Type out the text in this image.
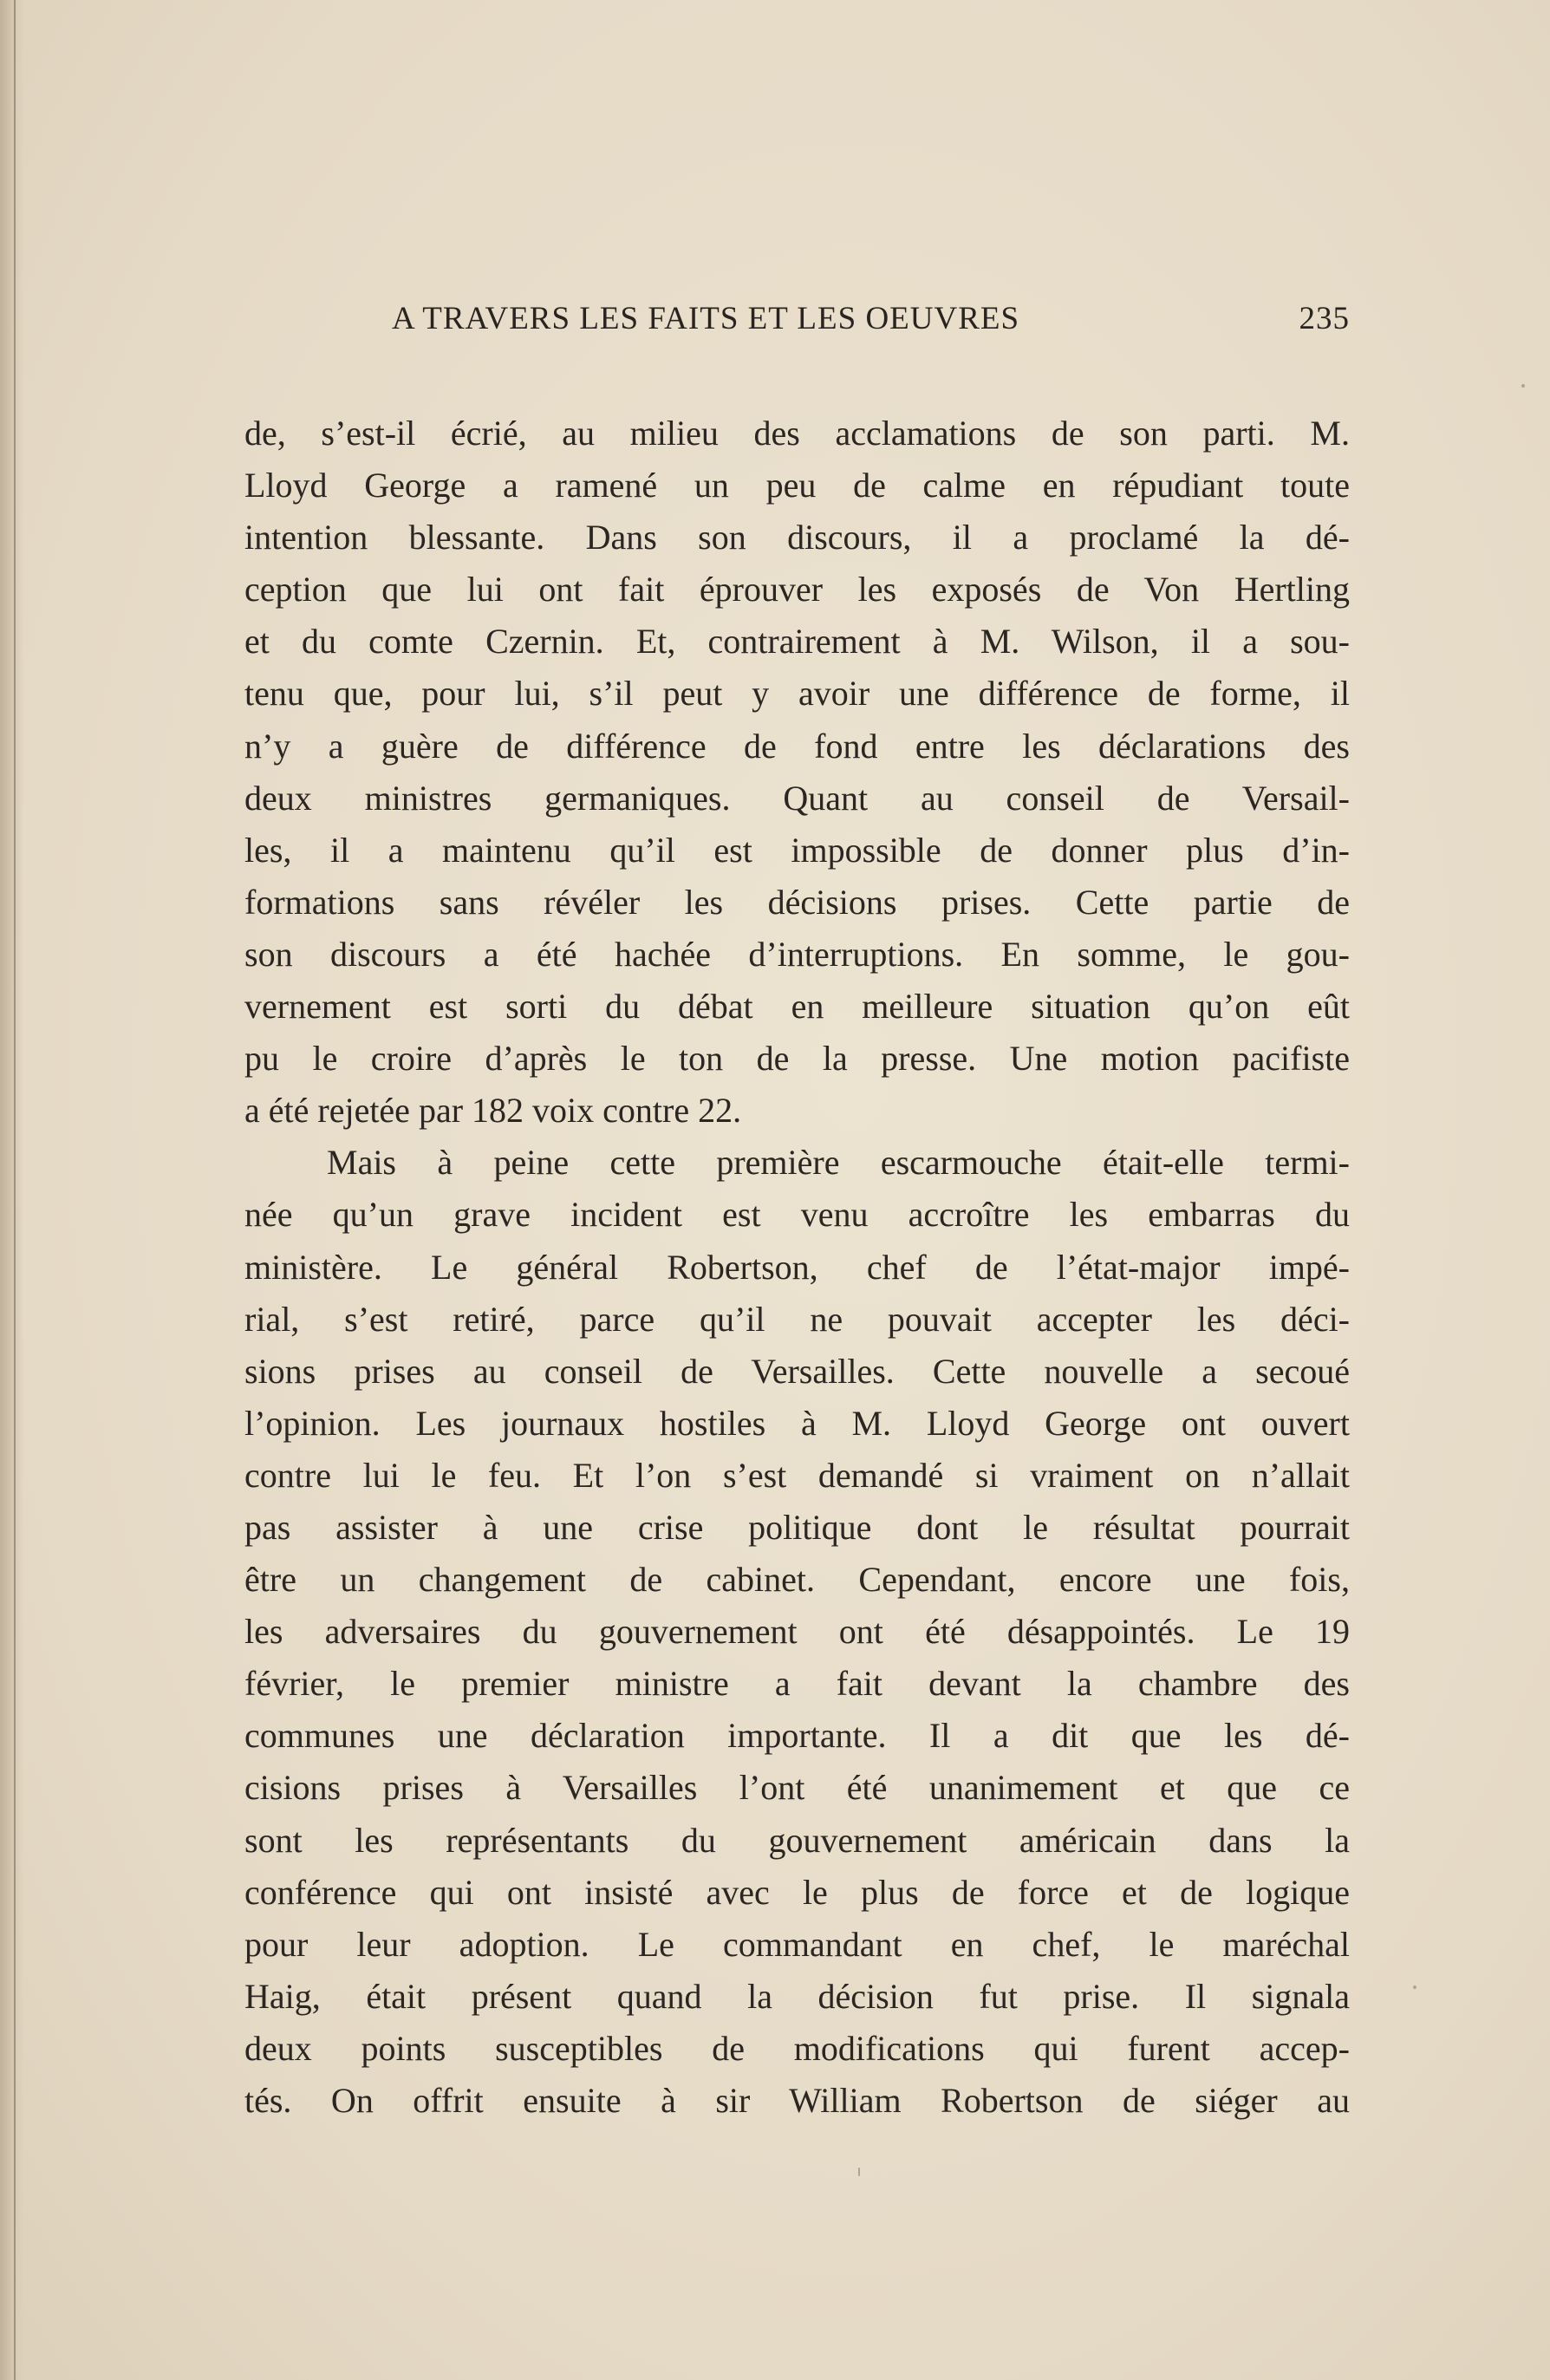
A TRAVERS LES FAITS ET LES OEUVRES	235
de, s’est-il écrié, au milieu des acclamations de son parti. M.
Lloyd George a ramené un peu de calme en répudiant toute
intention blessante. Dans son discours, il a proclamé la dé-
ception que lui ont fait éprouver les exposés de Von Hertling
et du comte Czernin. Et, contrairement à M. Wilson, il a sou-
tenu que, pour lui, s’il peut y avoir une différence de forme, il
n’y a guère de différence de fond entre les déclarations des
deux ministres germaniques. Quant au conseil de Versail-
les, il a maintenu qu’il est impossible de donner plus d’in-
formations sans révéler les décisions prises. Cette partie de
son discours a été hachée d’interruptions. En somme, le gou-
vernement est sorti du débat en meilleure situation qu’on eût
pu le croire d’après le ton de la presse. Une motion pacifiste
a été rejetée par 182 voix contre 22.
Mais à peine cette première escarmouche était-elle termi-
née qu’un grave incident est venu accroître les embarras du
ministère. Le général Robertson, chef de l’état-major impé-
rial, s’est retiré, parce qu’il ne pouvait accepter les déci-
sions prises au conseil de Versailles. Cette nouvelle a secoué
l’opinion. Les journaux hostiles à M. Lloyd George ont ouvert
contre lui le feu. Et l’on s’est demandé si vraiment on n’allait
pas assister à une crise politique dont le résultat pourrait
être un changement de cabinet. Cependant, encore une fois,
les adversaires du gouvernement ont été désappointés. Le 19
février, le premier ministre a fait devant la chambre des
communes une déclaration importante. Il a dit que les dé-
cisions prises à Versailles l’ont été unanimement et que ce
sont les représentants du gouvernement américain dans la
conférence qui ont insisté avec le plus de force et de logique
pour leur adoption. Le commandant en chef, le maréchal
Haig, était présent quand la décision fut prise. Il signala
deux points susceptibles de modifications qui furent accep-
tés. On offrit ensuite à sir William Robertson de siéger au
